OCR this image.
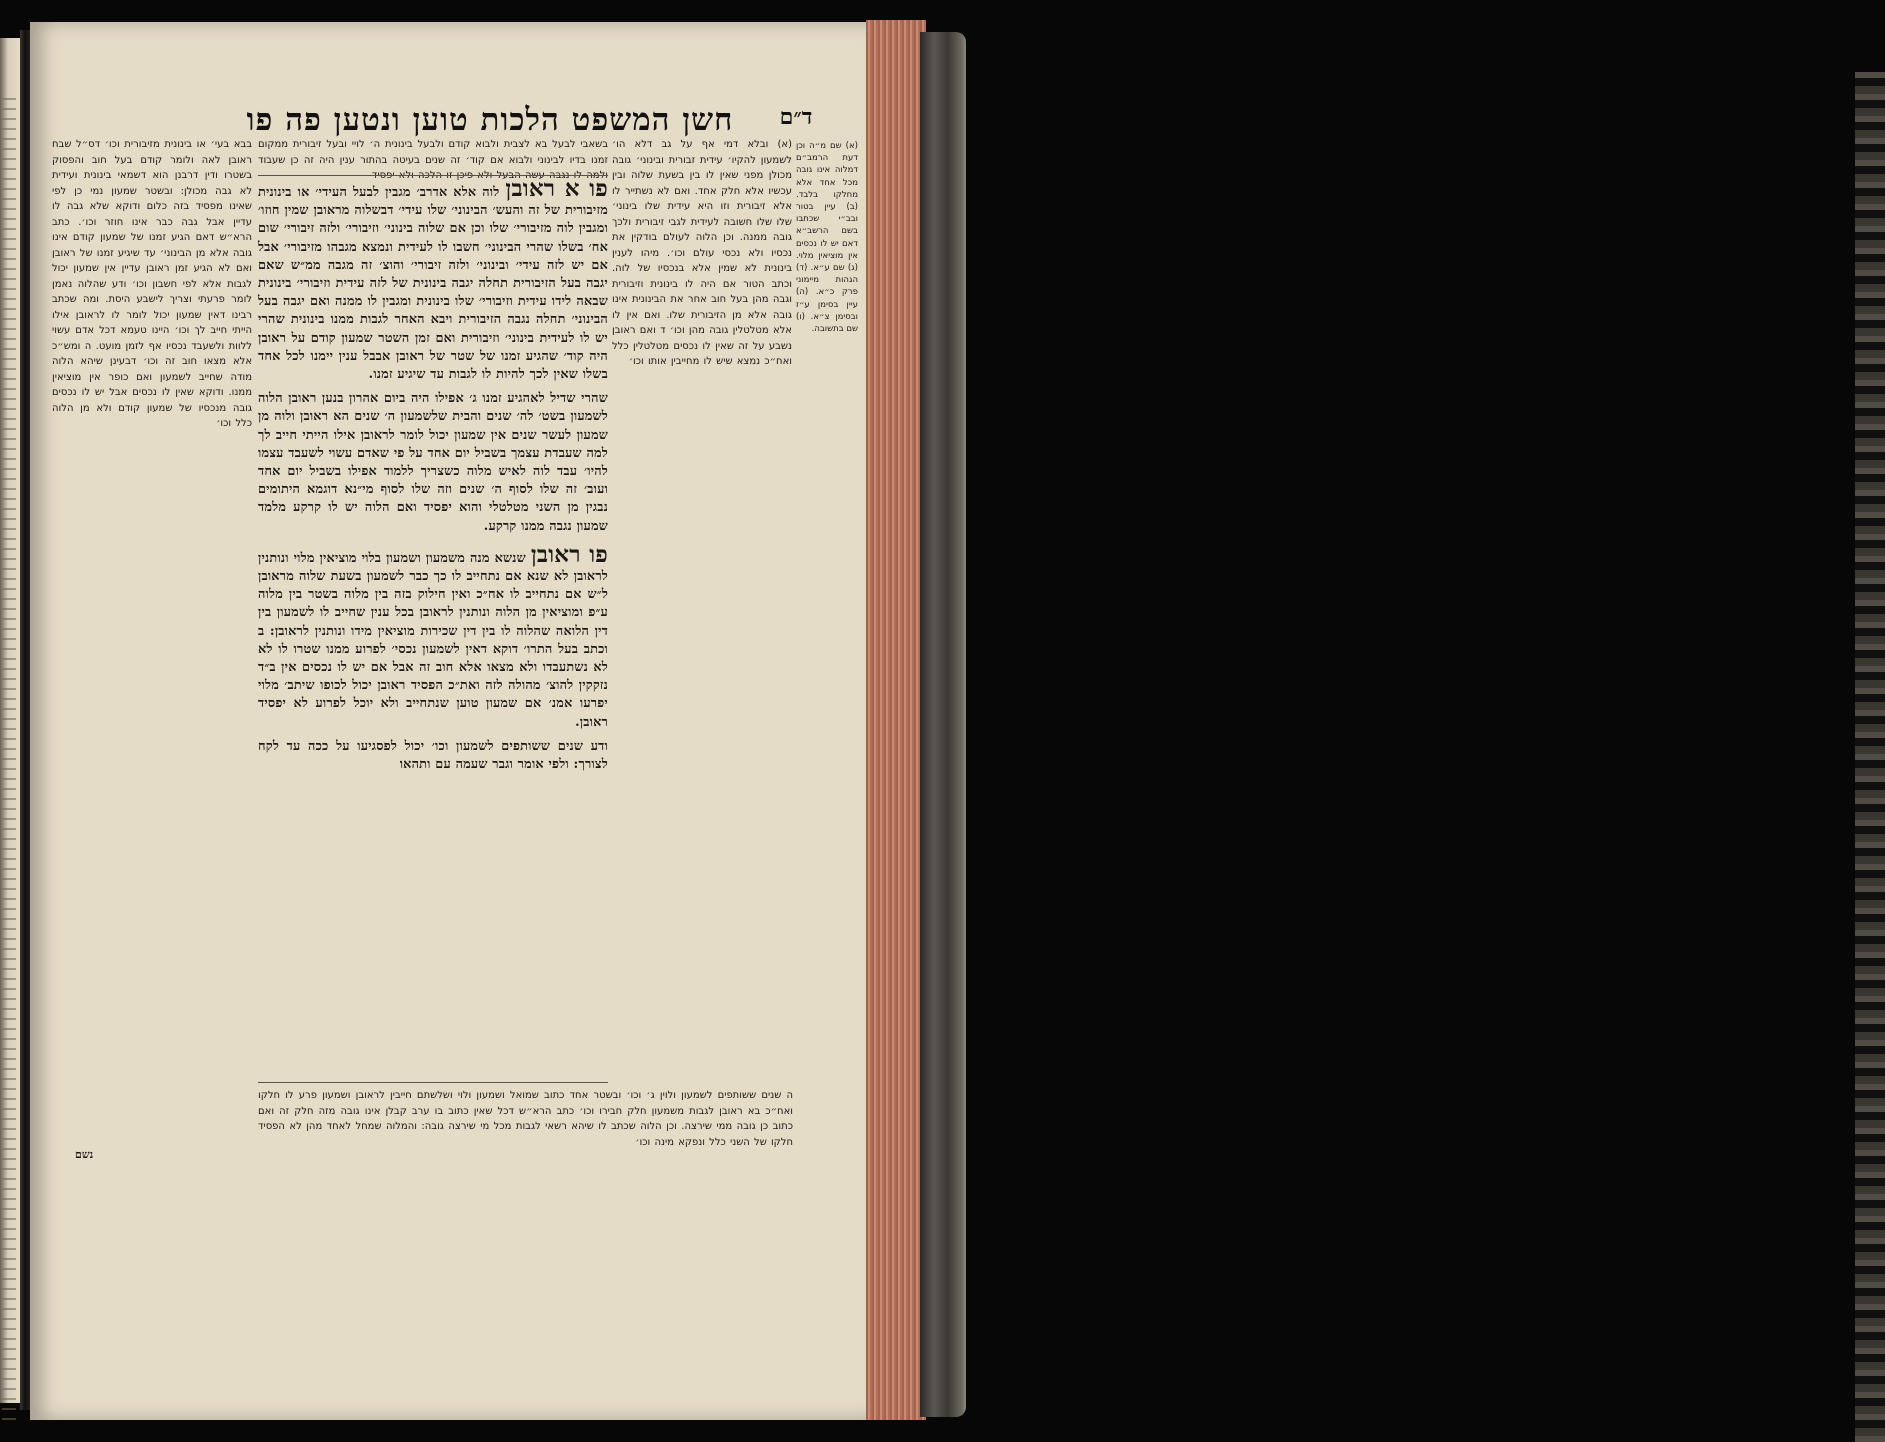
חשן המשפט הלכות טוען ונטען פה פו	ד״ם

בשאבי לבעל בא לצבית ולבוא קודם ולבעל בינונית ה׳ לויי ובעל זיבורית ממקום זמנו בדיו לבינוני ולבוא אם קוד׳ זה שנים בעיטה בהתור ענין היה זה כן שעבוד

פו א ראובן לוה אלא אדרב׳ מגבין לבעל העידי׳ או בינונית מזיבורית של זה והעש׳ הבינוני׳ שלו עידי׳ דבשלוה מראובן שמין חוזו׳ ומגבין לוה מזיבורי׳ שלו וכן אם שלוה בינוני׳ וזיבורי׳ ולזה זיבורי׳ שום אח׳ בשלו שהרי הבינוני׳ חשבו לו לעידית ונמצא מגבהו מזיבורי׳ אבל אם יש לזה עידי׳ ובינוני׳ ולזה זיבורי׳ והוצ׳ זה מגבה ממ״ש שאם יגבה בעל הזיבורית תחלה יגבה בינונית של לזה עידית וזיבורי׳ בינונית שבאה לידו עידית וזיבורי׳ שלו בינונית ומגבין לו ממנה ואם יגבה בעל הבינוני׳ תחלה נגבה הזיבורית ויבא האחר לגבות ממנו בינונית שהרי יש לו לעידית בינוני׳ וזיבורית ואם זמן השטר שמעון קודם על ראובן היה קוד׳ שהגיע זמנו של שטר של ראובן אבבל ענין יימנו לכל אחד בשלו שאין לכך להיות לו לגבות עד שיגיע זמנו.

שהרי שדיל לאהגיע זמנו ג׳ אפילו היה ביום אהרון בנען ראובן הלוה לשמעון בשט׳ לה׳ שנים והבית שלשמעון ה׳ שנים הא ראובן ולוה מן שמעון לעשר שנים אין שמעון יכול לומר לראובן אילו הייתי חייב לך למה שעבדת עצמך בשביל יום אחד על פי שאדם עשוי לשעבד עצמו להיו׳ עבד לוה לאיש מלוה כשצריך ללמוד אפילו בשביל יום אחד ועוב׳ זה שלו לסוף ה׳ שנים וזה שלו לסוף מי״נא דוגמא היתומים נבגין מן השני מטלטלי והוא יפסיד ואם הלוה יש לו קרקע מלמד שמעון נגבה ממנו קרקע.

פו ראובן שנשא מנה משמעון ושמעון בלוי מוציאין מלוי ונותנין לראובן לא שנא אם נתחייב לו כך כבר לשמעון בשעת שלוה מראובן ל״ש אם נתחייב לו אח״כ ואין חילוק בזה בין מלוה בשטר בין מלוה ע״פ ומוציאין מן הלוה ונותנין לראובן בכל ענין שחייב לו לשמעון בין דין הלואה שהלוה לו בין דין שכירות מוציאין מידו ונותנין לראובן: ב וכתב בעל התרו׳ דוקא דאין לשמעון נכסי׳ לפרוע ממנו שטרו לו לא לא נשתעבדו ולא מצאו אלא חוב זה אבל אם יש לו נכסים אין ב״ד נזקקין להוצ׳ מהולה לזה ואת״כ הפסיד ראובן יכול לכופו שיתב׳ מלוי יפרעו אמנ׳ אם שמעון טוען שנתחייב ולא יוכל לפרוע לא יפסיד ראובן.

ודע שנים ששותפים לשמעון וכו׳ יכול לפסגיעו על ככה עד לקח לצורך: ולפי אומר וגבר שעמה עם ותהאו

(א) ובלא דמי אף על גב דלא הו׳ לשמעון להקיו׳ עידית זבורית ובינוני׳ גובה מכולן מפני שאין לו בין בשעת שלוה ובין עכשיו אלא חלק אחד. ואם לא נשתייר לו אלא זיבורית וזו היא עידית שלו בינוני׳ שלו שלו חשובה לעידית לגבי זיבורית ולכך גובה ממנה. וכן הלוה לעולם בודקין את נכסיו ולא נכסי עולם וכו׳. מיהו לענין בינונית לא שמין אלא בנכסיו של לוה. וכתב הטור אם היה לו בינונית וזיבורית וגבה מהן בעל חוב אחר את הבינונית אינו גובה אלא מן הזיבורית שלו. ואם אין לו אלא מטלטלין גובה מהן וכו׳ ד ואם ראובן נשבע על זה שאין לו נכסים מטלטלין כלל ואח״כ נמצא שיש לו מחייבין אותו וכו׳

בבא בעי׳ או בינונית מזיבורית וכו׳ דס״ל שבח ראובן לאה ולומר קודם בעל חוב והפסוק בשטרו ודין דרבנן הוא דשמאי בינונית ועידית לא גבה מכולן: ובשטר שמעון נמי כן לפי שאינו מפסיד בזה כלום ודוקא שלא גבה לו עדיין אבל גבה כבר אינו חוזר וכו׳. כתב הרא״ש דאם הגיע זמנו של שמעון קודם אינו גובה אלא מן הבינוני׳ עד שיגיע זמנו של ראובן ואם לא הגיע זמן ראובן עדיין אין שמעון יכול לגבות אלא לפי חשבון וכו׳ ודע שהלוה נאמן לומר פרעתי וצריך לישבע היסת. ומה שכתב רבינו דאין שמעון יכול לומר לו לראובן אילו הייתי חייב לך וכו׳ היינו טעמא דכל אדם עשוי ללוות ולשעבד נכסיו אף לזמן מועט. ה ומש״כ אלא מצאו חוב זה וכו׳ דבעינן שיהא הלוה מודה שחייב לשמעון ואם כופר אין מוציאין ממנו. ודוקא שאין לו נכסים אבל יש לו נכסים גובה מנכסיו של שמעון קודם ולא מן הלוה כלל וכו׳

(א) שם מ״ה וכן דעת הרמב״ם דמלוה אינו גובה מכל אחד אלא מחלקו בלבד. (ב) עיין בטור ובב״י שכתבו בשם הרשב״א דאם יש לו נכסים אין מוציאין מלוי. (ג) שם ע״א. (ד) הגהות מיימוני פרק כ״א. (ה) עיין בסימן ע״ז ובסימן צ״א. (ו) שם בתשובה.

ה שנים ששותפים לשמעון ולוין ג׳ וכו׳ ובשטר אחד כתוב שמואל ושמעון ולוי ושלשתם חייבין לראובן ושמעון פרע לו חלקו ואח״כ בא ראובן לגבות משמעון חלק חבירו וכו׳ כתב הרא״ש דכל שאין כתוב בו ערב קבלן אינו גובה מזה חלק זה ואם כתוב כן גובה ממי שירצה. וכן הלוה שכתב לו שיהא רשאי לגבות מכל מי שירצה גובה: והמלוה שמחל לאחד מהן לא הפסיד חלקו של השני כלל ונפקא מינה וכו׳

נשם
